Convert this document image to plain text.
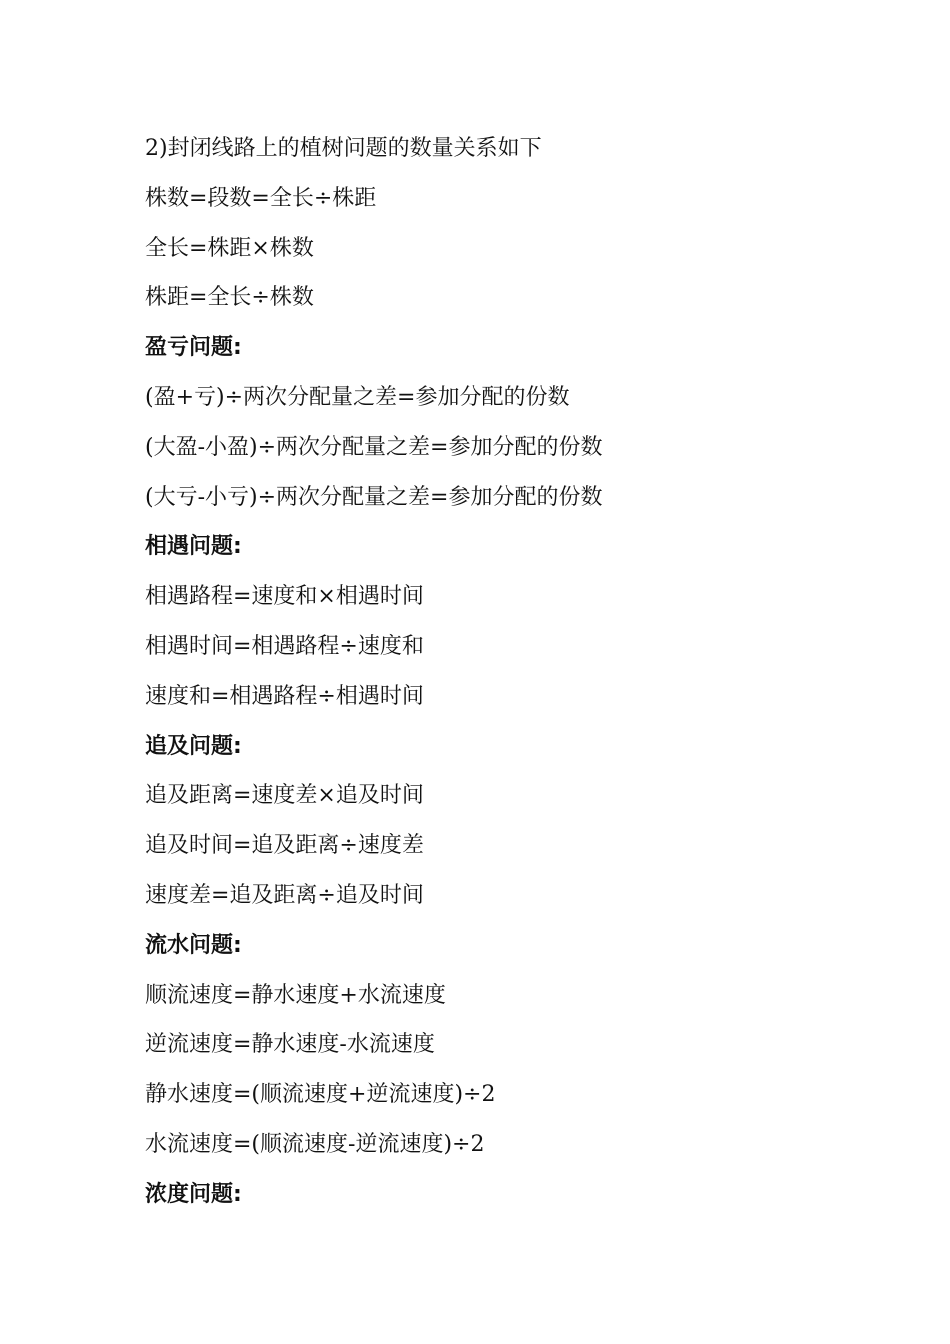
2)封闭线路上的植树问题的数量关系如下
株数=段数=全长÷株距
全长=株距×株数
株距=全长÷株数
盈亏问题:
(盈+亏)÷两次分配量之差=参加分配的份数
(大盈-小盈)÷两次分配量之差=参加分配的份数
(大亏-小亏)÷两次分配量之差=参加分配的份数
相遇问题:
相遇路程=速度和×相遇时间
相遇时间=相遇路程÷速度和
速度和=相遇路程÷相遇时间
追及问题:
追及距离=速度差×追及时间
追及时间=追及距离÷速度差
速度差=追及距离÷追及时间
流水问题:
顺流速度=静水速度+水流速度
逆流速度=静水速度-水流速度
静水速度=(顺流速度+逆流速度)÷2
水流速度=(顺流速度-逆流速度)÷2
浓度问题:
